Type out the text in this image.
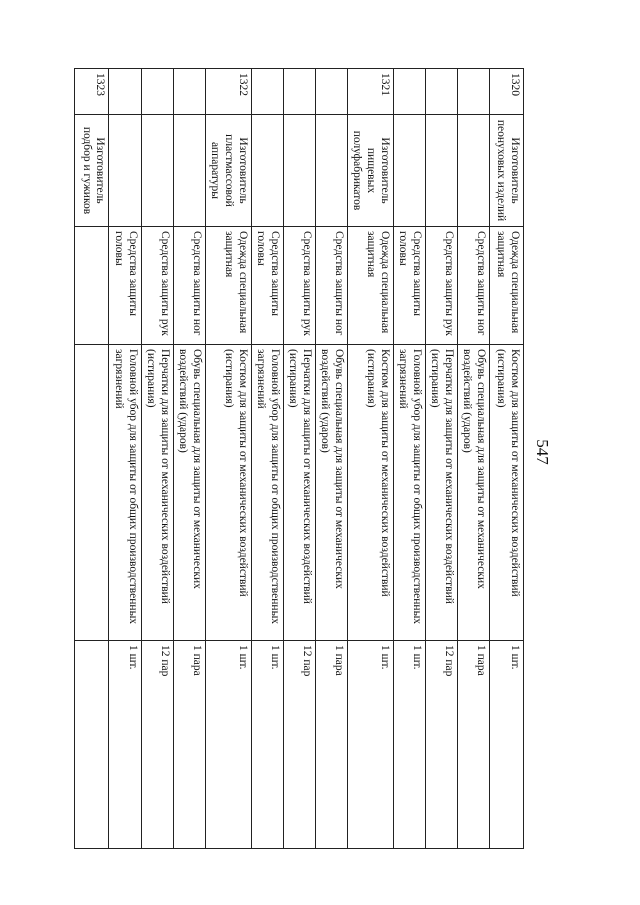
547
1320	Изготовитель пеонуховых изделий	Одежда специальная защитная	Костюм для защиты от механических воздействий (истирания)	1 шт.
		Средства защиты ног	Обувь специальная для защиты от механических воздействий (ударов)	1 пара
		Средства защиты рук	Перчатки для защиты от механических воздействий (истирания)	12 пар
		Средства защиты головы	Головной убор для защиты от общих производственных загрязнений	1 шт.
1321	Изготовитель пищевых полуфабрикатов	Одежда специальная защитная	Костюм для защиты от механических воздействий (истирания)	1 шт.
		Средства защиты ног	Обувь специальная для защиты от механических воздействий (ударов)	1 пара
		Средства защиты рук	Перчатки для защиты от механических воздействий (истирания)	12 пар
		Средства защиты головы	Головной убор для защиты от общих производственных загрязнений	1 шт.
1322	Изготовитель пластмассовой аппаратуры	Одежда специальная защитная	Костюм для защиты от механических воздействий (истирания)	1 шт.
		Средства защиты ног	Обувь специальная для защиты от механических воздействий (ударов)	1 пара
		Средства защиты рук	Перчатки для защиты от механических воздействий (истирания)	12 пар
		Средства защиты головы	Головной убор для защиты от общих производственных загрязнений	1 шт.
1323	Изготовитель подбор и гужиков			
